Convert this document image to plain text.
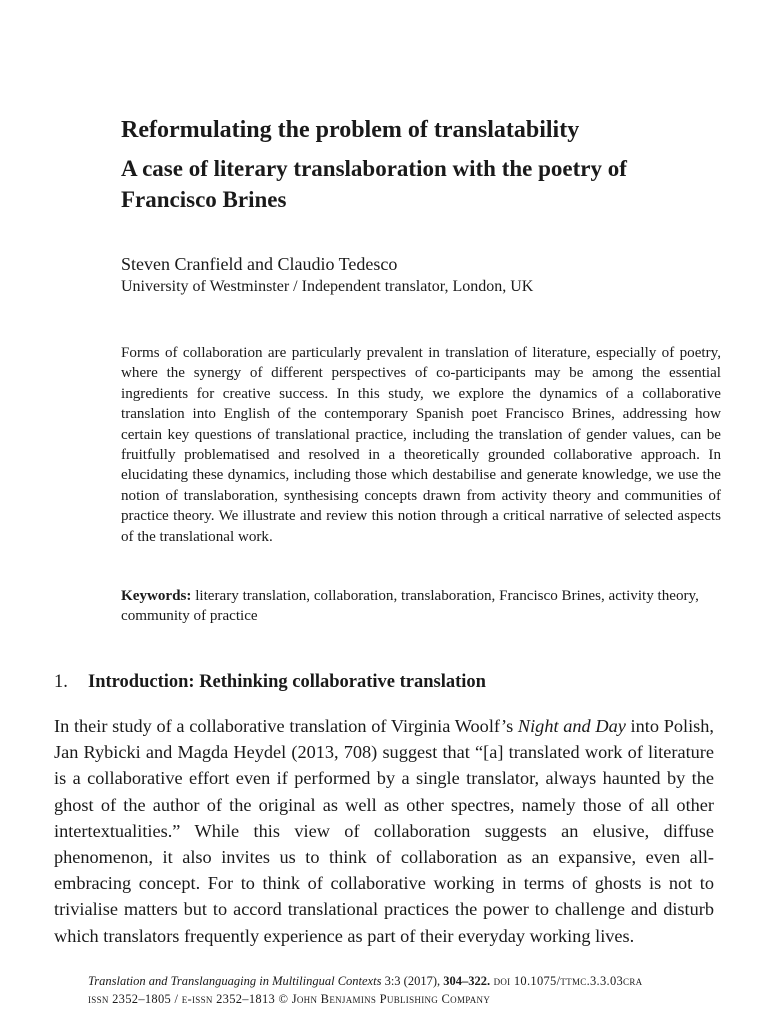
Reformulating the problem of translatability
A case of literary translaboration with the poetry of Francisco Brines
Steven Cranfield and Claudio Tedesco
University of Westminster / Independent translator, London, UK

Forms of collaboration are particularly prevalent in translation of literature, especially of poetry, where the synergy of different perspectives of co-participants may be among the essential ingredients for creative success. In this study, we explore the dynamics of a collaborative translation into English of the contemporary Spanish poet Francisco Brines, addressing how certain key questions of translational practice, including the translation of gender values, can be fruitfully problematised and resolved in a theoretically grounded collaborative approach. In elucidating these dynamics, including those which destabilise and generate knowledge, we use the notion of translaboration, synthesising concepts drawn from activity theory and communities of practice theory. We illustrate and review this notion through a critical narrative of selected aspects of the translational work.

Keywords: literary translation, collaboration, translaboration, Francisco Brines, activity theory, community of practice

1. Introduction: Rethinking collaborative translation

In their study of a collaborative translation of Virginia Woolf’s Night and Day into Polish, Jan Rybicki and Magda Heydel (2013, 708) suggest that “[a] translated work of literature is a collaborative effort even if performed by a single translator, always haunted by the ghost of the author of the original as well as other spectres, namely those of all other intertextualities.” While this view of collaboration suggests an elusive, diffuse phenomenon, it also invites us to think of collaboration as an expansive, even all-embracing concept. For to think of collaborative working in terms of ghosts is not to trivialise matters but to accord translational practices the power to challenge and disturb which translators frequently experience as part of their everyday working lives.

Translation and Translanguaging in Multilingual Contexts 3:3 (2017), 304–322. doi 10.1075/ttmc.3.3.03cra
issn 2352–1805 / e-issn 2352–1813 © John Benjamins Publishing Company
